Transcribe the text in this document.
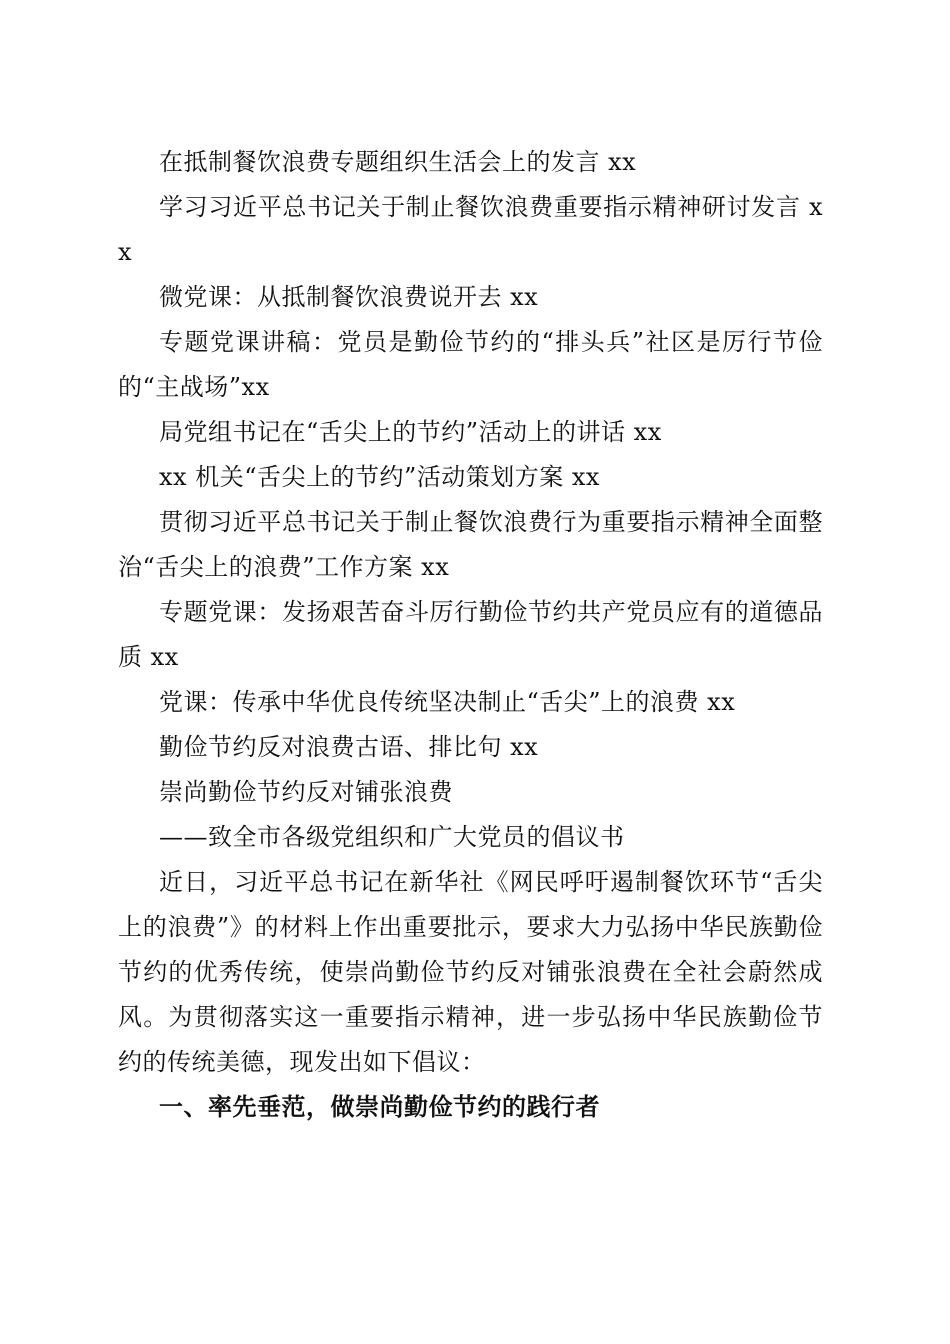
在抵制餐饮浪费专题组织生活会上的发言 xx

学习习近平总书记关于制止餐饮浪费重要指示精神研讨发言 xx

微党课：从抵制餐饮浪费说开去 xx

专题党课讲稿：党员是勤俭节约的“排头兵”社区是厉行节俭的“主战场”xx

局党组书记在“舌尖上的节约”活动上的讲话 xx

xx 机关“舌尖上的节约”活动策划方案 xx

贯彻习近平总书记关于制止餐饮浪费行为重要指示精神全面整治“舌尖上的浪费”工作方案 xx

专题党课：发扬艰苦奋斗厉行勤俭节约共产党员应有的道德品质 xx

党课：传承中华优良传统坚决制止“舌尖”上的浪费 xx

勤俭节约反对浪费古语、排比句 xx

崇尚勤俭节约反对铺张浪费

——致全市各级党组织和广大党员的倡议书

近日，习近平总书记在新华社《网民呼吁遏制餐饮环节“舌尖上的浪费”》的材料上作出重要批示，要求大力弘扬中华民族勤俭节约的优秀传统，使崇尚勤俭节约反对铺张浪费在全社会蔚然成风。为贯彻落实这一重要指示精神，进一步弘扬中华民族勤俭节约的传统美德，现发出如下倡议：

一、率先垂范，做崇尚勤俭节约的践行者
